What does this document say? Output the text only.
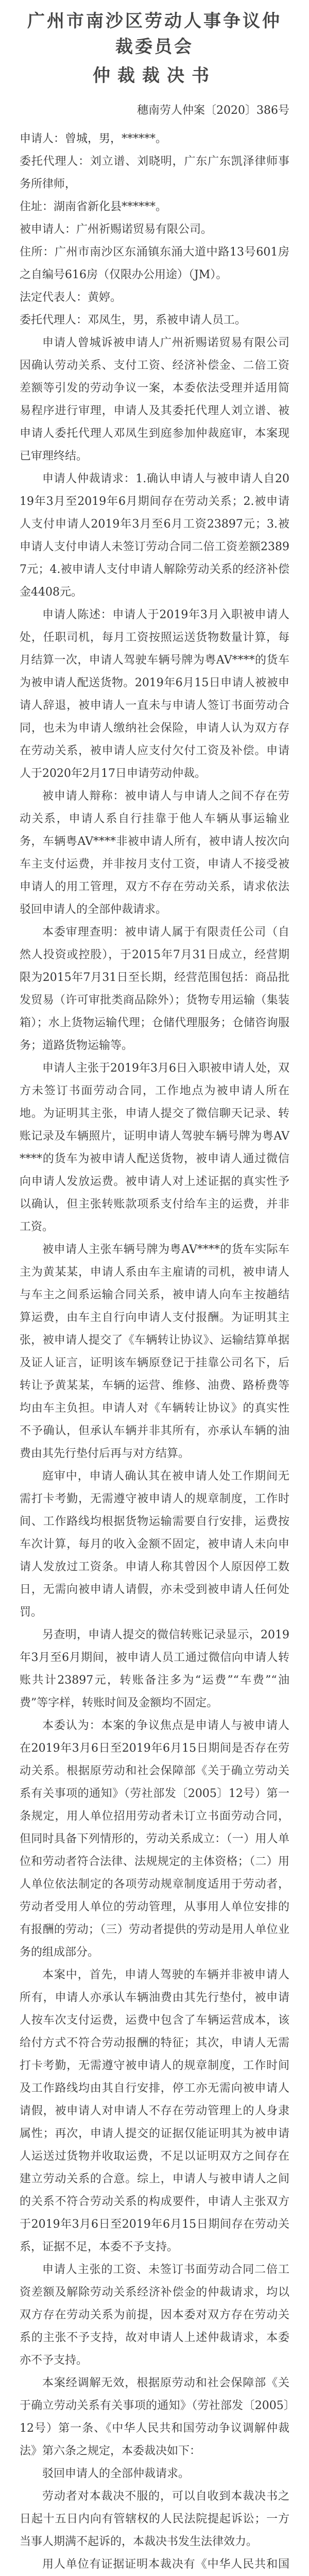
广州市南沙区劳动人事争议仲裁委员会

仲裁裁决书

穗南劳人仲案〔2020〕386号

申请人：曾城，男，******。

委托代理人：刘立谱、刘晓明，广东广东凯泽律师事务所律师，

住址：湖南省新化县******。

被申请人：广州祈赐诺贸易有限公司。

住所：广州市南沙区东涌镇东涌大道中路13号601房之自编号616房（仅限办公用途）（JM）。

法定代表人：黄婷。

委托代理人：邓凤生，男，系被申请人员工。

申请人曾城诉被申请人广州祈赐诺贸易有限公司因确认劳动关系、支付工资、经济补偿金、二倍工资差额等引发的劳动争议一案，本委依法受理并适用简易程序进行审理，申请人及其委托代理人刘立谱、被申请人委托代理人邓凤生到庭参加仲裁庭审，本案现已审理终结。

申请人仲裁请求：1.确认申请人与被申请人自2019年3月至2019年6月期间存在劳动关系；2.被申请人支付申请人2019年3月至6月工资23897元；3.被申请人支付申请人未签订劳动合同二倍工资差额23897元；4.被申请人支付申请人解除劳动关系的经济补偿金4408元。

申请人陈述：申请人于2019年3月入职被申请人处，任职司机，每月工资按照运送货物数量计算，每月结算一次，申请人驾驶车辆号牌为粤AV****的货车为被申请人配送货物。2019年6月15日申请人被被申请人辞退，被申请人一直未与申请人签订书面劳动合同，也未为申请人缴纳社会保险，申请人认为双方存在劳动关系，被申请人应支付欠付工资及补偿。申请人于2020年2月17日申请劳动仲裁。

被申请人辩称：被申请人与申请人之间不存在劳动关系，申请人系自行挂靠于他人车辆从事运输业务，车辆粤AV****非被申请人所有，被申请人按次向车主支付运费，并非按月支付工资，申请人不接受被申请人的用工管理，双方不存在劳动关系，请求依法驳回申请人的全部仲裁请求。

本委审理查明：被申请人属于有限责任公司（自然人投资或控股），于2015年7月31日成立，经营期限为2015年7月31日至长期，经营范围包括：商品批发贸易（许可审批类商品除外）；货物专用运输（集装箱）；水上货物运输代理；仓储代理服务；仓储咨询服务；道路货物运输等。

申请人主张于2019年3月6日入职被申请人处，双方未签订书面劳动合同，工作地点为被申请人所在地。为证明其主张，申请人提交了微信聊天记录、转账记录及车辆照片，证明申请人驾驶车辆号牌为粤AV****的货车为被申请人配送货物，被申请人通过微信向申请人发放运费。被申请人对上述证据的真实性予以确认，但主张转账款项系支付给车主的运费，并非工资。

被申请人主张车辆号牌为粤AV****的货车实际车主为黄某某，申请人系由车主雇请的司机，被申请人与车主之间系运输合同关系，被申请人向车主按趟结算运费，由车主自行向申请人支付报酬。为证明其主张，被申请人提交了《车辆转让协议》、运输结算单据及证人证言，证明该车辆原登记于挂靠公司名下，后转让予黄某某，车辆的运营、维修、油费、路桥费等均由车主负担。申请人对《车辆转让协议》的真实性不予确认，但承认车辆并非其所有，亦承认车辆的油费由其先行垫付后再与对方结算。

庭审中，申请人确认其在被申请人处工作期间无需打卡考勤，无需遵守被申请人的规章制度，工作时间、工作路线均根据货物运输需要自行安排，运费按车次计算，每月的收入金额不固定，被申请人未向申请人发放过工资条。申请人称其曾因个人原因停工数日，无需向被申请人请假，亦未受到被申请人任何处罚。

另查明，申请人提交的微信转账记录显示，2019年3月至6月期间，被申请人员工通过微信向申请人转账共计23897元，转账备注多为“运费”“车费”“油费”等字样，转账时间及金额均不固定。

本委认为：本案的争议焦点是申请人与被申请人在2019年3月6日至2019年6月15日期间是否存在劳动关系。根据原劳动和社会保障部《关于确立劳动关系有关事项的通知》（劳社部发〔2005〕12号）第一条规定，用人单位招用劳动者未订立书面劳动合同，但同时具备下列情形的，劳动关系成立：（一）用人单位和劳动者符合法律、法规规定的主体资格；（二）用人单位依法制定的各项劳动规章制度适用于劳动者，劳动者受用人单位的劳动管理，从事用人单位安排的有报酬的劳动；（三）劳动者提供的劳动是用人单位业务的组成部分。

本案中，首先，申请人驾驶的车辆并非被申请人所有，申请人亦承认车辆油费由其先行垫付，被申请人按车次支付运费，运费中包含了车辆运营成本，该给付方式不符合劳动报酬的特征；其次，申请人无需打卡考勤，无需遵守被申请人的规章制度，工作时间及工作路线均由其自行安排，停工亦无需向被申请人请假，被申请人对申请人不存在劳动管理上的人身隶属性；再次，申请人提交的证据仅能证明其为被申请人运送过货物并收取运费，不足以证明双方之间存在建立劳动关系的合意。综上，申请人与被申请人之间的关系不符合劳动关系的构成要件，申请人主张双方于2019年3月6日至2019年6月15日期间存在劳动关系，证据不足，本委不予支持。

申请人主张的工资、未签订书面劳动合同二倍工资差额及解除劳动关系经济补偿金的仲裁请求，均以双方存在劳动关系为前提，因本委对双方存在劳动关系的主张不予支持，故对申请人上述仲裁请求，本委亦不予支持。

本案经调解无效，根据原劳动和社会保障部《关于确立劳动关系有关事项的通知》（劳社部发〔2005〕12号）第一条、《中华人民共和国劳动争议调解仲裁法》第六条之规定，本委裁决如下：

驳回申请人的全部仲裁请求。

劳动者对本裁决不服的，可以自收到本裁决书之日起十五日内向有管辖权的人民法院提起诉讼；一方当事人期满不起诉的，本裁决书发生法律效力。

用人单位有证据证明本裁决有《中华人民共和国
